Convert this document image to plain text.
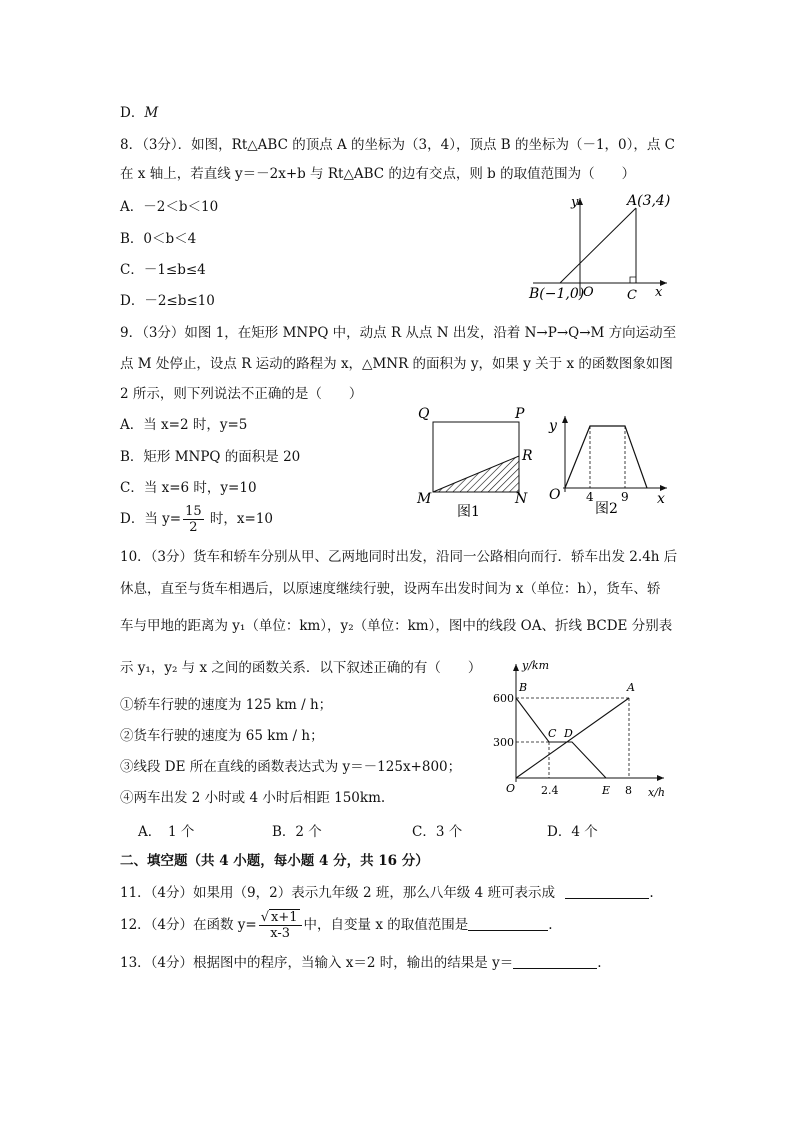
D．M
8．（3分）．如图，Rt△ABC 的顶点 A 的坐标为（3，4），顶点 B 的坐标为（－1，0），点 C
在 x 轴上，若直线 y＝－2x+b 与 Rt△ABC 的边有交点，则 b 的取值范围为（　　）
A．－2＜b＜10
B．0＜b＜4
C．－1≤b≤4
D．－2≤b≤10
y
x
A(3,4)
B(−1,0)
O	C
9．（3分）如图 1，在矩形 MNPQ 中，动点 R 从点 N 出发，沿着 N→P→Q→M 方向运动至
点 M 处停止，设点 R 运动的路程为 x，△MNR 的面积为 y，如果 y 关于 x 的函数图象如图
2 所示，则下列说法不正确的是（　　）
A．当 x=2 时，y=5
B．矩形 MNPQ 的面积是 20
C．当 x=6 时，y=10
D．当 $y= \frac{15}{2}$ 时，x=10
Q	P
R
M	N
图1
y
O 4 9 x
图2
10．（3分）货车和轿车分别从甲、乙两地同时出发，沿同一公路相向而行．轿车出发 2.4h 后
休息，直至与货车相遇后，以原速度继续行驶，设两车出发时间为 x（单位：h），货车、轿
车与甲地的距离为 y₁（单位：km），y₂（单位：km），图中的线段 OA、折线 BCDE 分别表
示 y₁，y₂ 与 x 之间的函数关系．以下叙述正确的有（　　）
①轿车行驶的速度为 125 km / h；
②货车行驶的速度为 65 km / h；
③线段 DE 所在直线的函数表达式为 y＝－125x+800；
④两车出发 2 小时或 4 小时后相距 150km.
A．　1 个	B．2 个	C．3 个	D．4 个
y/km
x/h
B	A
C D
O	E
600
300
2.4	8
二、填空题（共 4 小题，每小题 4 分，共 16 分）
11．（4分）如果用（9，2）表示九年级 2 班，那么八年级 4 班可表示成	.
12．（4分）在函数 $y= \frac{√ x+1}{x-3}$ 中，自变量 x 的取值范围是	.
13．（4分）根据图中的程序，当输入 x＝2 时，输出的结果是 y＝	.
